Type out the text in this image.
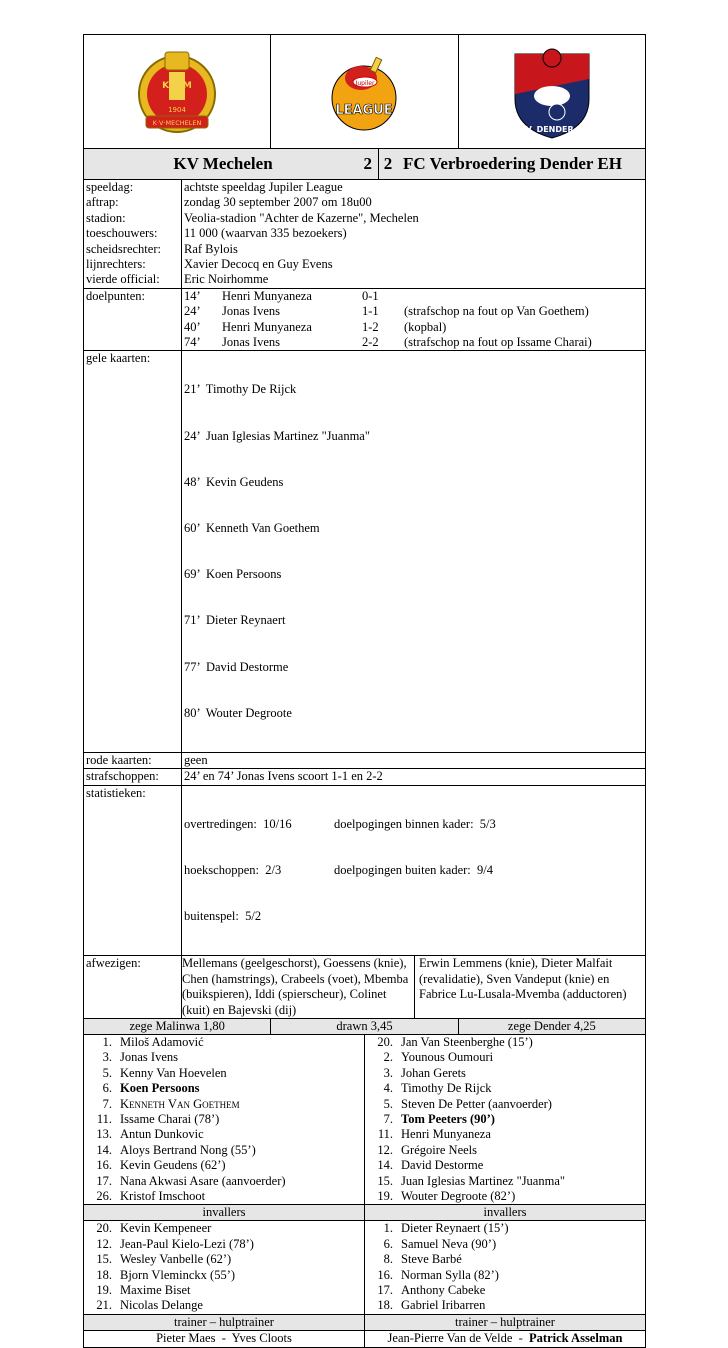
K·V·M
1904
K·V·MECHELEN
Jupiler
LEAGUE
F.C.V. DENDER E.H.
KV Mechelen	2 2 FC Verbroedering Dender EH
speeldag:	achtste speeldag Jupiler League
aftrap:	zondag 30 september 2007 om 18u00
stadion:	Veolia-stadion "Achter de Kazerne", Mechelen
toeschouwers:	11 000 (waarvan 335 bezoekers)
scheidsrechter:	Raf Bylois
lijnrechters:	Xavier Decocq en Guy Evens
vierde official:	Eric Noirhomme
doelpunten:	14’ Henri Munyaneza	0-1
24’ Jonas Ivens	1-1 (strafschop na fout op Van Goethem)
40’ Henri Munyaneza	1-2 (kopbal)
74’ Jonas Ivens	2-2 (strafschop na fout op Issame Charai)
gele kaarten:

21’  Timothy De Rijck

24’  Juan Iglesias Martinez "Juanma"

48’  Kevin Geudens

60’  Kenneth Van Goethem

69’  Koen Persoons

71’  Dieter Reynaert

77’  David Destorme

80’  Wouter Degroote

rode kaarten:	geen
strafschoppen:	24’ en 74’ Jonas Ivens scoort 1-1 en 2-2
statistieken:

overtredingen:  10/16	doelpogingen binnen kader:  5/3

hoekschoppen:  2/3	doelpogingen buiten kader:  9/4

buitenspel:  5/2

afwezigen:	Mellemans (geelgeschorst), Goessens (knie), Chen (hamstrings), Crabeels (voet), Mbemba (buikspieren), Iddi (spierscheur), Colinet (kuit) en Bajevski (dij)
Erwin Lemmens (knie), Dieter Malfait (revalidatie), Sven Vandeput (knie) en Fabrice Lu-Lusala-Mvemba (adductoren)
zege Malinwa 1,80	drawn 3,45	zege Dender 4,25
1. Miloš Adamović
3. Jonas Ivens
5. Kenny Van Hoevelen
6. Koen Persoons
7. Kenneth Van Goethem
11. Issame Charai (78’)
13. Antun Dunkovic
14. Aloys Bertrand Nong (55’)
16. Kevin Geudens (62’)
17. Nana Akwasi Asare (aanvoerder)
26. Kristof Imschoot
20. Jan Van Steenberghe (15’)
2. Younous Oumouri
3. Johan Gerets
4. Timothy De Rijck
5. Steven De Petter (aanvoerder)
7. Tom Peeters (90’)
11. Henri Munyaneza
12. Grégoire Neels
14. David Destorme
15. Juan Iglesias Martinez "Juanma"
19. Wouter Degroote (82’)
invallers	invallers
20. Kevin Kempeneer
12. Jean-Paul Kielo-Lezi (78’)
15. Wesley Vanbelle (62’)
18. Bjorn Vleminckx (55’)
19. Maxime Biset
21. Nicolas Delange
1. Dieter Reynaert (15’)
6. Samuel Neva (90’)
8. Steve Barbé
16. Norman Sylla (82’)
17. Anthony Cabeke
18. Gabriel Iribarren
trainer – hulptrainer	trainer – hulptrainer
Pieter Maes  -  Yves Cloots	Jean-Pierre Van de Velde  -  Patrick Asselman
